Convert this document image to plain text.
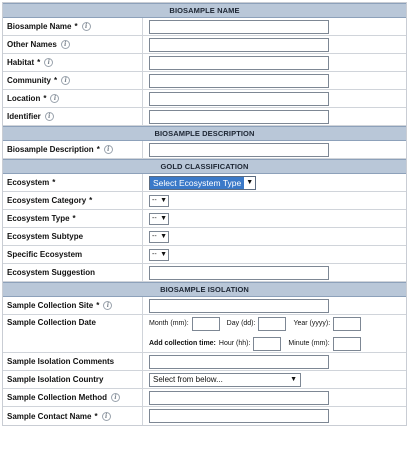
BIOSAMPLE NAME
Biosample Name *	i
Other Names	i
Habitat *	i
Community *	i
Location *	i
Identifier	i
BIOSAMPLE DESCRIPTION
Biosample Description *	i
GOLD CLASSIFICATION
Ecosystem *	Select Ecosystem Type ▼
Ecosystem Category *	-- ▼
Ecosystem Type *	-- ▼
Ecosystem Subtype	-- ▼
Specific Ecosystem	-- ▼
Ecosystem Suggestion
BIOSAMPLE ISOLATION
Sample Collection Site *	i
Sample Collection Date	Month (mm):	Day (dd):	Year (yyyy):
Add collection time: Hour (hh):	Minute (mm):
Sample Isolation Comments
Sample Isolation Country	Select from below...	▼
Sample Collection Method	i
Sample Contact Name *	i
